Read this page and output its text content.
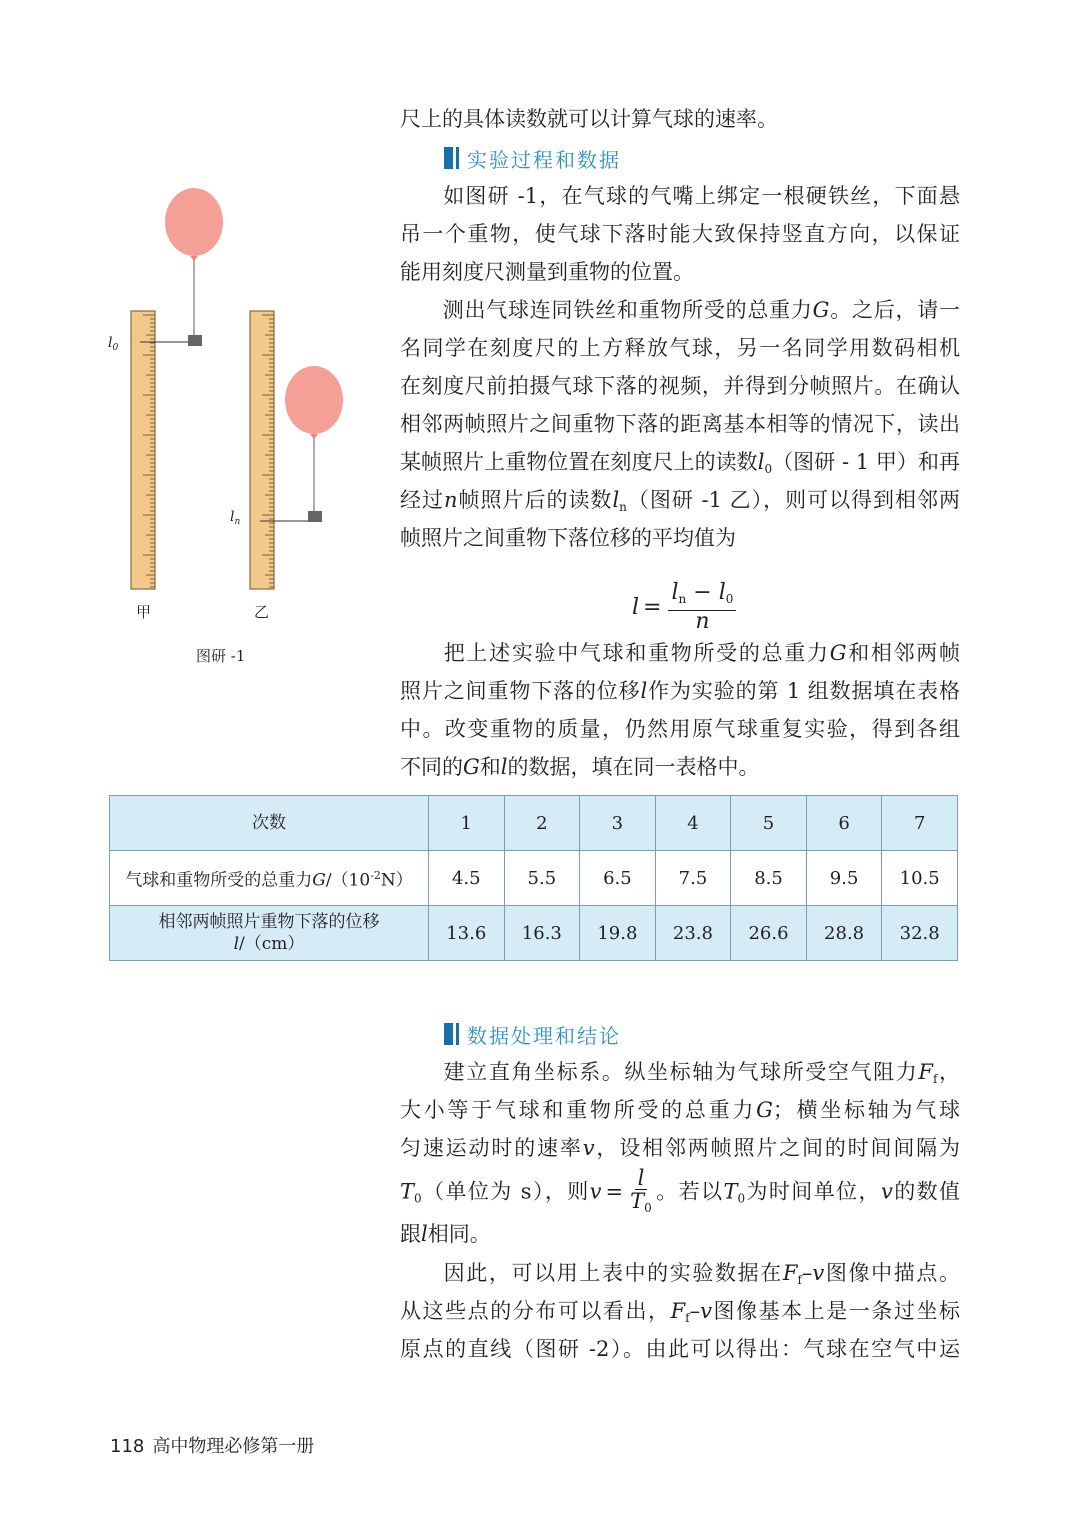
尺上的具体读数就可以计算气球的速率。
实验过程和数据
如图研 -1，在气球的气嘴上绑定一根硬铁丝，下面悬
吊一个重物，使气球下落时能大致保持竖直方向，以保证
能用刻度尺测量到重物的位置。
测出气球连同铁丝和重物所受的总重力G。之后，请一
名同学在刻度尺的上方释放气球，另一名同学用数码相机
在刻度尺前拍摄气球下落的视频，并得到分帧照片。在确认
相邻两帧照片之间重物下落的距离基本相等的情况下，读出
某帧照片上重物位置在刻度尺上的读数$l_0$（图研 - 1 甲）和再
经过n帧照片后的读数$l_n$（图研 -1 乙），则可以得到相邻两
帧照片之间重物下落位移的平均值为
$l = \frac{l_n - l_0}{n}$
把上述实验中气球和重物所受的总重力G和相邻两帧
照片之间重物下落的位移l作为实验的第 1 组数据填在表格
中。改变重物的质量，仍然用原气球重复实验，得到各组
不同的G和l的数据，填在同一表格中。
$l_0$
甲
$l_n$
乙
图研 -1
次数	1	2	3	4	5	6	7
气球和重物所受的总重力$G/(10^{-2}N)$	4.5	5.5	6.5	7.5	8.5	9.5	10.5
相邻两帧照片重物下落的位移
l/（cm）	13.6	16.3	19.8	23.8	26.6	28.8	32.8
数据处理和结论
建立直角坐标系。纵坐标轴为气球所受空气阻力$F_f$，
大小等于气球和重物所受的总重力G；横坐标轴为气球
匀速运动时的速率v，设相邻两帧照片之间的时间间隔为
$T_0$（单位为 s），则$v = \frac{l}{T_0}$ 。若以$T_0$为时间单位，v的数值
跟l相同。
因此，可以用上表中的实验数据在$F_f-v$图像中描点。
从这些点的分布可以看出，$F_f-v$图像基本上是一条过坐标
原点的直线（图研 -2）。由此可以得出：气球在空气中运
118 高中物理必修第一册
